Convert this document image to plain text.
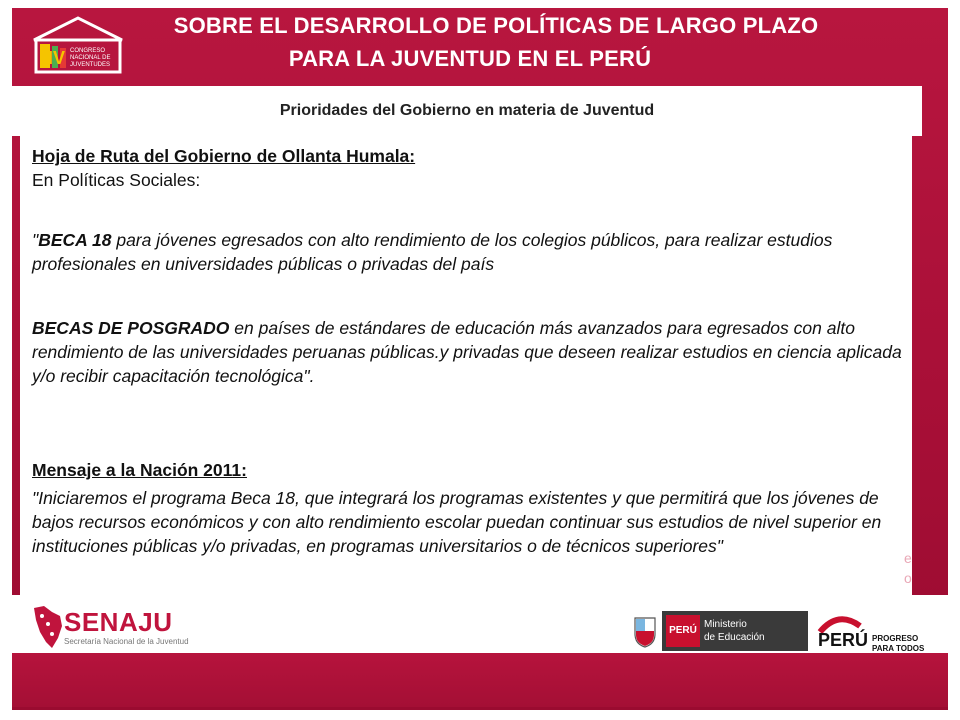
IV CONGRESO
NACIONAL DE
JUVENTUDES
SOBRE EL DESARROLLO DE POLÍTICAS DE LARGO PLAZO
PARA LA JUVENTUD EN EL PERÚ
Prioridades del Gobierno en materia de Juventud
Hoja de Ruta del Gobierno de Ollanta Humala:
En Políticas Sociales:
"BECA 18 para jóvenes egresados con alto rendimiento de los colegios públicos, para realizar estudios profesionales en universidades públicas o privadas del país
BECAS DE POSGRADO en países de estándares de educación más avanzados para egresados con alto rendimiento de las universidades peruanas públicas.y privadas que deseen realizar estudios en ciencia aplicada y/o recibir capacitación tecnológica".
Mensaje a la Nación 2011:
"Iniciaremos el programa Beca 18, que integrará los programas existentes y que permitirá que los jóvenes de bajos recursos económicos y con alto rendimiento escolar puedan continuar sus estudios de nivel superior en instituciones públicas y/o privadas, en programas universitarios o de técnicos superiores"
e
o
SENAJU
Secretaría Nacional de la Juventud
PERÚ
Ministerio
de Educación	PERÚ PROGRESO
PARA TODOS
